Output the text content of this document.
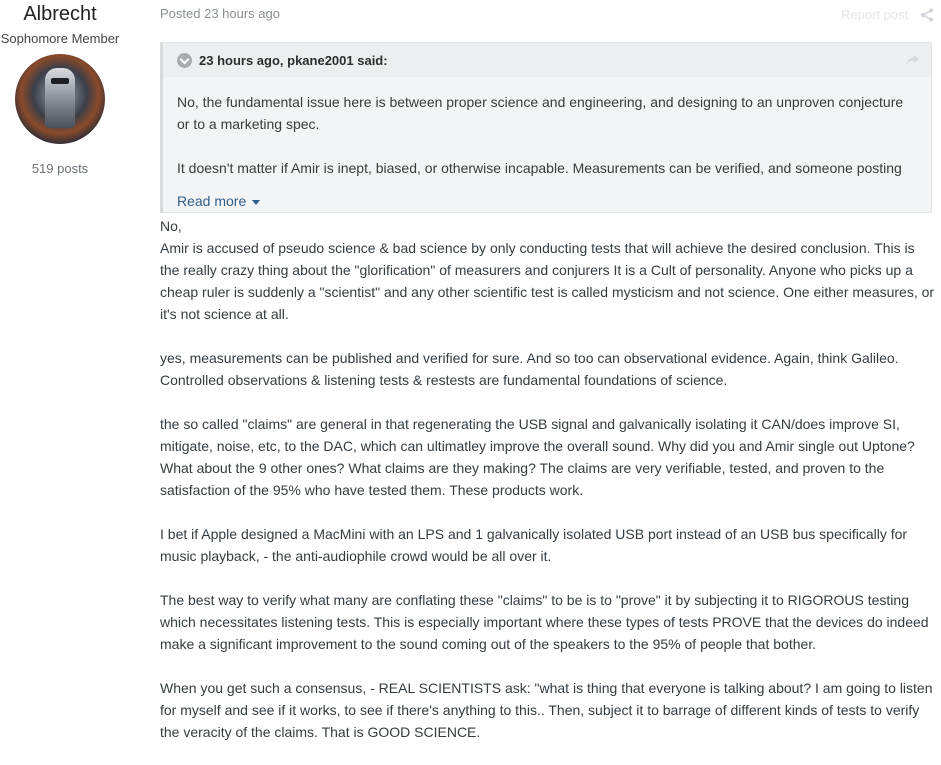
Albrecht
Sophomore Member
519 posts
Posted 23 hours ago	Report post
23 hours ago, pkane2001 said:

No, the fundamental issue here is between proper science and engineering, and designing to an unproven conjecture or to a marketing spec.

It doesn't matter if Amir is inept, biased, or otherwise incapable. Measurements can be verified, and someone posting

Read more

No,

Amir is accused of pseudo science & bad science by only conducting tests that will achieve the desired conclusion. This is the really crazy thing about the "glorification" of measurers and conjurers It is a Cult of personality. Anyone who picks up a cheap ruler is suddenly a "scientist" and any other scientific test is called mysticism and not science. One either measures, or it's not science at all.

yes, measurements can be published and verified for sure. And so too can observational evidence. Again, think Galileo. Controlled observations & listening tests & restests are fundamental foundations of science.

the so called "claims" are general in that regenerating the USB signal and galvanically isolating it CAN/does improve SI, mitigate, noise, etc, to the DAC, which can ultimatley improve the overall sound. Why did you and Amir single out Uptone? What about the 9 other ones? What claims are they making? The claims are very verifiable, tested, and proven to the satisfaction of the 95% who have tested them. These products work.

I bet if Apple designed a MacMini with an LPS and 1 galvanically isolated USB port instead of an USB bus specifically for music playback, - the anti-audiophile crowd would be all over it.

The best way to verify what many are conflating these "claims" to be is to "prove" it by subjecting it to RIGOROUS testing which necessitates listening tests. This is especially important where these types of tests PROVE that the devices do indeed make a significant improvement to the sound coming out of the speakers to the 95% of people that bother.

When you get such a consensus, - REAL SCIENTISTS ask: "what is thing that everyone is talking about? I am going to listen for myself and see if it works, to see if there's anything to this.. Then, subject it to barrage of different kinds of tests to verify the veracity of the claims. That is GOOD SCIENCE.
